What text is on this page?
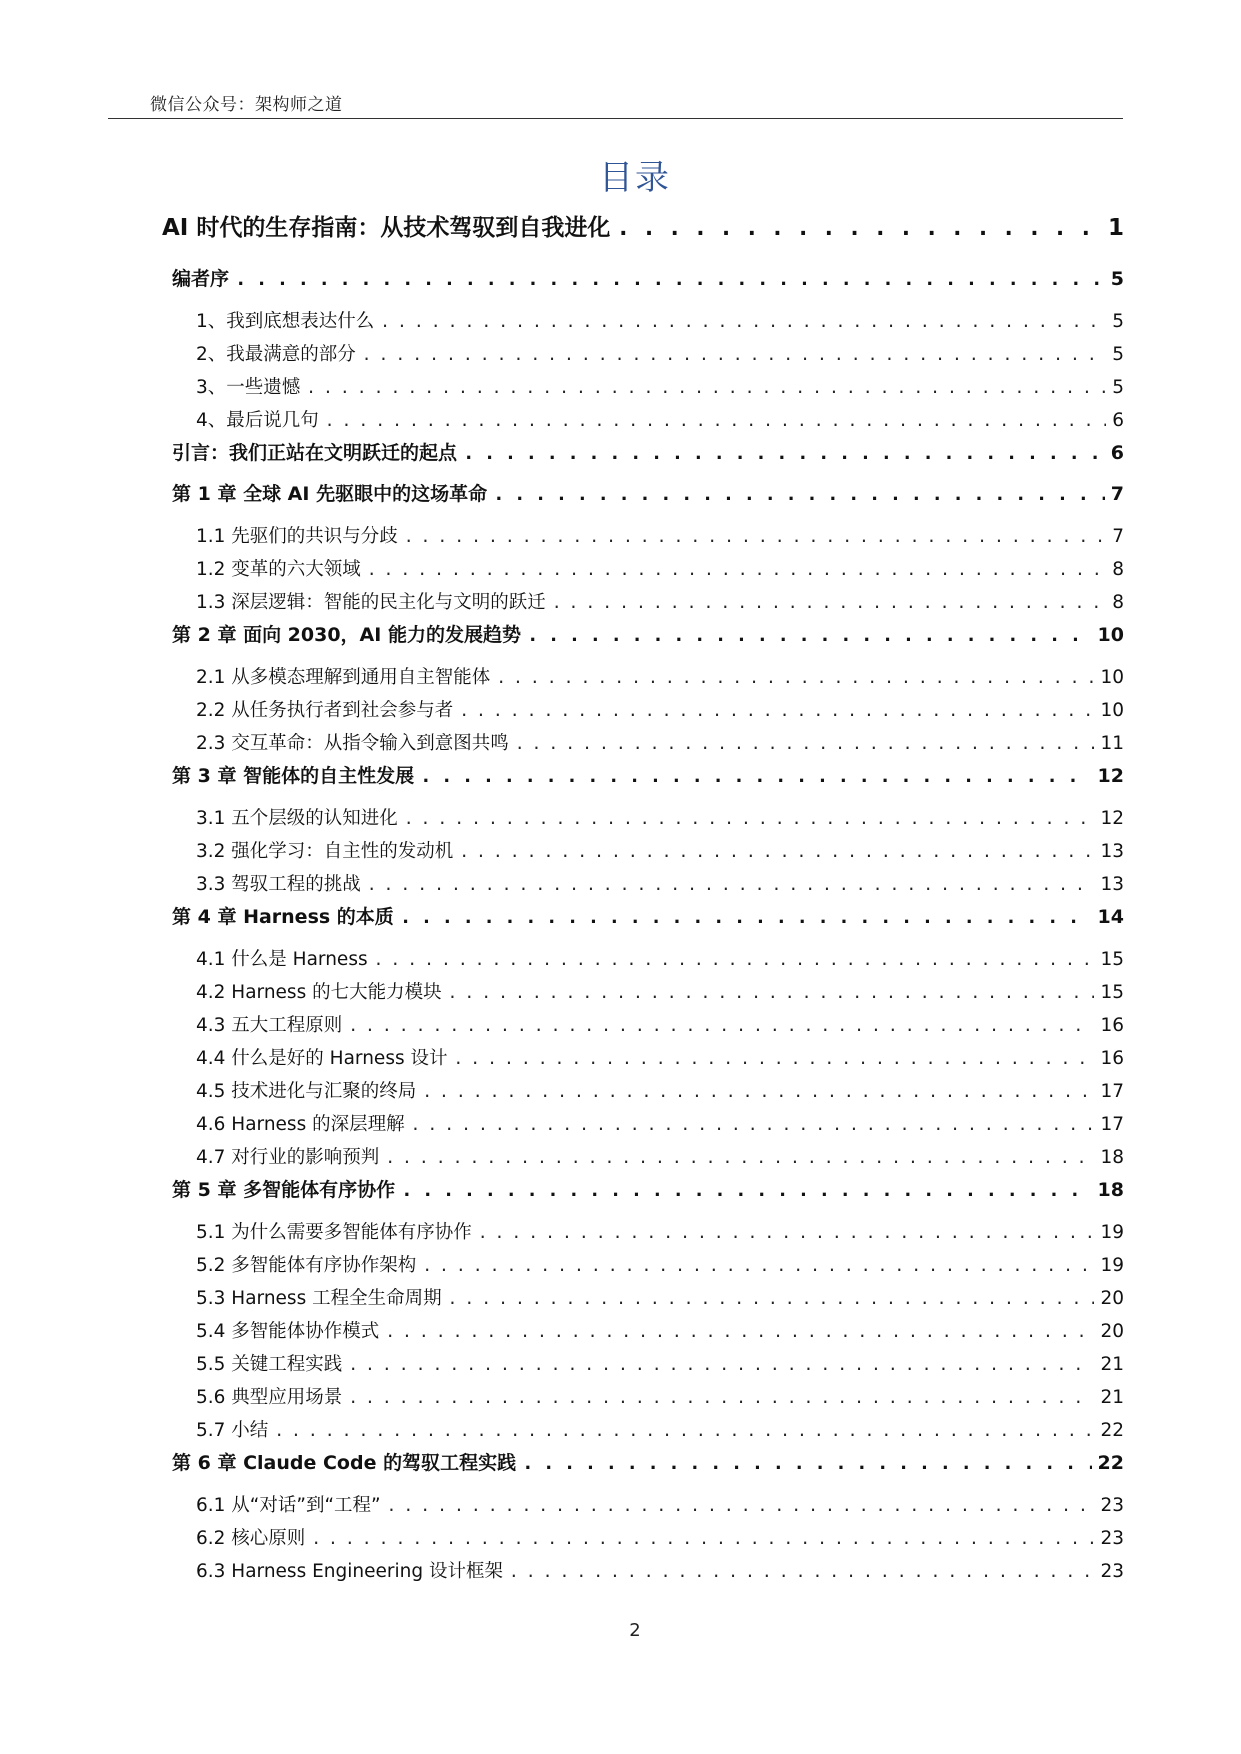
微信公众号：架构师之道
目录
AI 时代的生存指南：从技术驾驭到自我进化 . . .	1
编者序 . . .	5
1、我到底想表达什么 . . .	5
2、我最满意的部分 . . .	5
3、一些遗憾 . . .	5
4、最后说几句 . . .	6
引言：我们正站在文明跃迁的起点 . . .	6
第 1 章 全球 AI 先驱眼中的这场革命 . . .	7
1.1 先驱们的共识与分歧 . . .	7
1.2 变革的六大领域 . . .	8
1.3 深层逻辑：智能的民主化与文明的跃迁 . . .	8
第 2 章 面向 2030，AI 能力的发展趋势 . . .	10
2.1 从多模态理解到通用自主智能体 . . .	10
2.2 从任务执行者到社会参与者 . . .	10
2.3 交互革命：从指令输入到意图共鸣 . . .	11
第 3 章 智能体的自主性发展 . . .	12
3.1 五个层级的认知进化 . . .	12
3.2 强化学习：自主性的发动机 . . .	13
3.3 驾驭工程的挑战 . . .	13
第 4 章 Harness 的本质 . . .	14
4.1 什么是 Harness . . .	15
4.2 Harness 的七大能力模块 . . .	15
4.3 五大工程原则 . . .	16
4.4 什么是好的 Harness 设计 . . .	16
4.5 技术进化与汇聚的终局 . . .	17
4.6 Harness 的深层理解 . . .	17
4.7 对行业的影响预判 . . .	18
第 5 章 多智能体有序协作 . . .	18
5.1 为什么需要多智能体有序协作 . . .	19
5.2 多智能体有序协作架构 . . .	19
5.3 Harness 工程全生命周期 . . .	20
5.4 多智能体协作模式 . . .	20
5.5 关键工程实践 . . .	21
5.6 典型应用场景 . . .	21
5.7 小结 . . .	22
第 6 章 Claude Code 的驾驭工程实践 . . .	22
6.1 从“对话”到“工程” . . .	23
6.2 核心原则 . . .	23
6.3 Harness Engineering 设计框架 . . .	23
2
